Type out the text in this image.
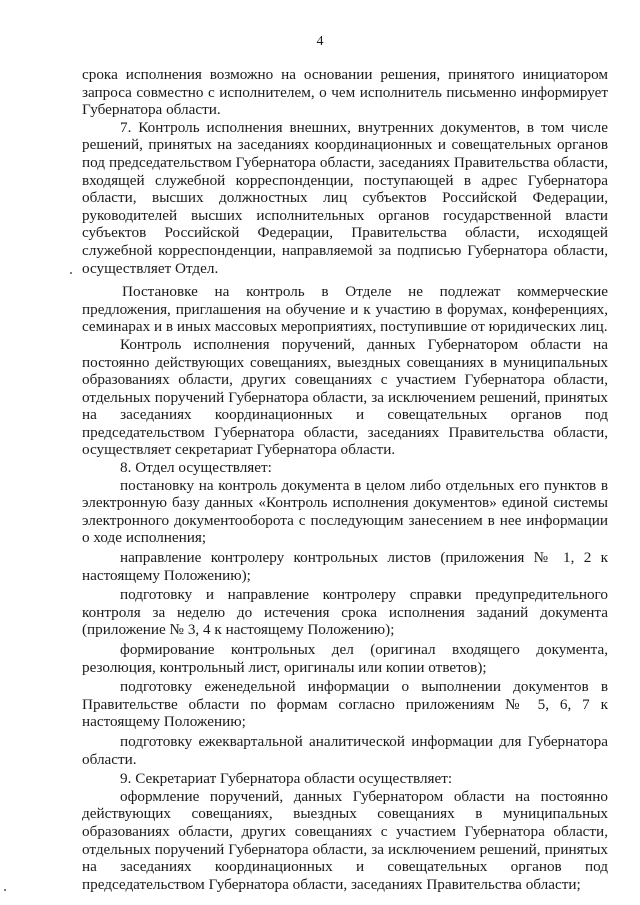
4

срока исполнения возможно на основании решения, принятого инициатором запроса совместно с исполнителем, о чем исполнитель письменно информирует Губернатора области.

7. Контроль исполнения внешних, внутренних документов, в том числе решений, принятых на заседаниях координационных и совещательных органов под председательством Губернатора области, заседаниях Правительства области, входящей служебной корреспонденции, поступающей в адрес Губернатора области, высших должностных лиц субъектов Российской Федерации, руководителей высших исполнительных органов государственной власти субъектов Российской Федерации, Правительства области, исходящей служебной корреспонденции, направляемой за подписью Губернатора области, осуществляет Отдел.

Постановке на контроль в Отделе не подлежат коммерческие предложения, приглашения на обучение и к участию в форумах, конференциях, семинарах и в иных массовых мероприятиях, поступившие от юридических лиц.

Контроль исполнения поручений, данных Губернатором области на постоянно действующих совещаниях, выездных совещаниях в муниципальных образованиях области, других совещаниях с участием Губернатора области, отдельных поручений Губернатора области, за исключением решений, принятых на заседаниях координационных и совещательных органов под председательством Губернатора области, заседаниях Правительства области, осуществляет секретариат Губернатора области.

8. Отдел осуществляет:

постановку на контроль документа в целом либо отдельных его пунктов в электронную базу данных «Контроль исполнения документов» единой системы электронного документооборота с последующим занесением в нее информации о ходе исполнения;

направление контролеру контрольных листов (приложения № 1, 2 к настоящему Положению);

подготовку и направление контролеру справки предупредительного контроля за неделю до истечения срока исполнения заданий документа (приложение № 3, 4 к настоящему Положению);

формирование контрольных дел (оригинал входящего документа, резолюция, контрольный лист, оригиналы или копии ответов);

подготовку еженедельной информации о выполнении документов в Правительстве области по формам согласно приложениям № 5, 6, 7 к настоящему Положению;

подготовку ежеквартальной аналитической информации для Губернатора области.

9. Секретариат Губернатора области осуществляет:

оформление поручений, данных Губернатором области на постоянно действующих совещаниях, выездных совещаниях в муниципальных образованиях области, других совещаниях с участием Губернатора области, отдельных поручений Губернатора области, за исключением решений, принятых на заседаниях координационных и совещательных органов под председательством Губернатора области, заседаниях Правительства области;
